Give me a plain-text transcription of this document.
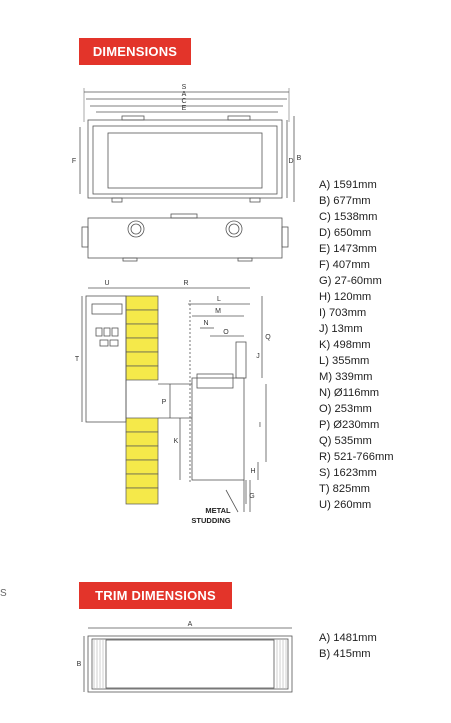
DIMENSIONS
S
S
A
C
E
F	D B
U	R
L
M
N
O
Q
J
T
P
K
I
H
G
METAL
STUDDING
A
B
A) 1591mm
B) 677mm
C) 1538mm
D) 650mm
E) 1473mm
F) 407mm
G) 27-60mm
H) 120mm
I) 703mm
J) 13mm
K) 498mm
L) 355mm
M) 339mm
N) Ø116mm
O) 253mm
P) Ø230mm
Q) 535mm
R) 521-766mm
S) 1623mm
T) 825mm
U) 260mm
TRIM DIMENSIONS
A) 1481mm
B) 415mm
